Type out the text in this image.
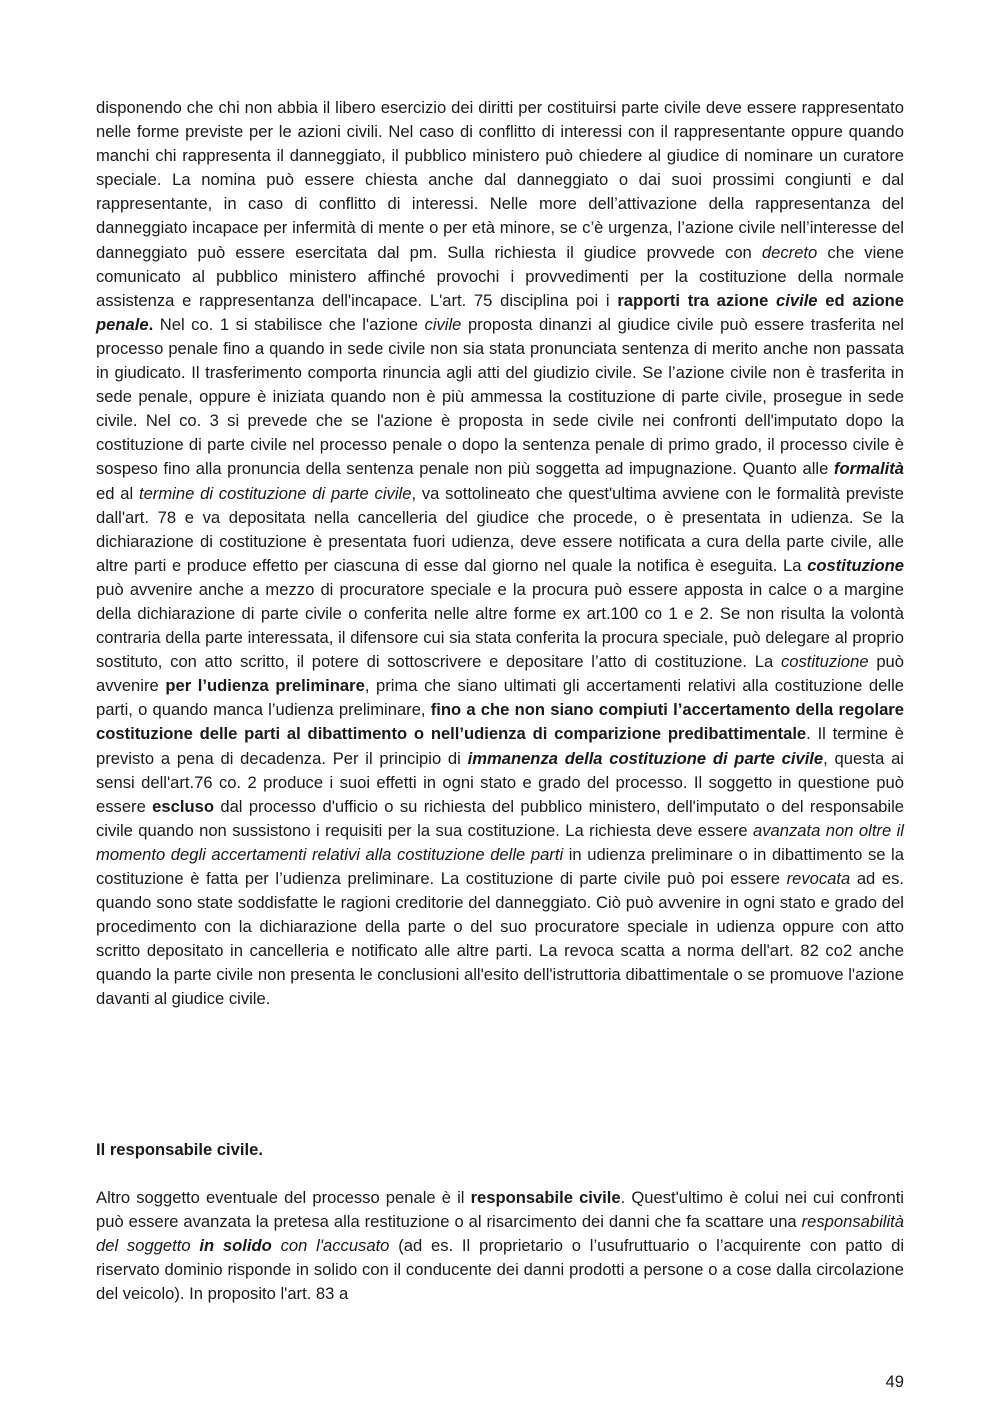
disponendo che chi non abbia il libero esercizio dei diritti per costituirsi parte civile deve essere rappresentato nelle forme previste per le azioni civili. Nel caso di conflitto di interessi con il rappresentante oppure quando manchi chi rappresenta il danneggiato, il pubblico ministero può chiedere al giudice di nominare un curatore speciale. La nomina può essere chiesta anche dal danneggiato o dai suoi prossimi congiunti e dal rappresentante, in caso di conflitto di interessi. Nelle more dell’attivazione della rappresentanza del danneggiato incapace per infermità di mente o per età minore, se c’è urgenza, l’azione civile nell’interesse del danneggiato può essere esercitata dal pm. Sulla richiesta il giudice provvede con decreto che viene comunicato al pubblico ministero affinché provochi i provvedimenti per la costituzione della normale assistenza e rappresentanza dell'incapace. L'art. 75 disciplina poi i rapporti tra azione civile ed azione penale. Nel co. 1 si stabilisce che l'azione civile proposta dinanzi al giudice civile può essere trasferita nel processo penale fino a quando in sede civile non sia stata pronunciata sentenza di merito anche non passata in giudicato. Il trasferimento comporta rinuncia agli atti del giudizio civile. Se l’azione civile non è trasferita in sede penale, oppure è iniziata quando non è più ammessa la costituzione di parte civile, prosegue in sede civile. Nel co. 3 si prevede che se l'azione è proposta in sede civile nei confronti dell'imputato dopo la costituzione di parte civile nel processo penale o dopo la sentenza penale di primo grado, il processo civile è sospeso fino alla pronuncia della sentenza penale non più soggetta ad impugnazione. Quanto alle formalità ed al termine di costituzione di parte civile, va sottolineato che quest'ultima avviene con le formalità previste dall'art. 78 e va depositata nella cancelleria del giudice che procede, o è presentata in udienza. Se la dichiarazione di costituzione è presentata fuori udienza, deve essere notificata a cura della parte civile, alle altre parti e produce effetto per ciascuna di esse dal giorno nel quale la notifica è eseguita. La costituzione può avvenire anche a mezzo di procuratore speciale e la procura può essere apposta in calce o a margine della dichiarazione di parte civile o conferita nelle altre forme ex art.100 co 1 e 2. Se non risulta la volontà contraria della parte interessata, il difensore cui sia stata conferita la procura speciale, può delegare al proprio sostituto, con atto scritto, il potere di sottoscrivere e depositare l’atto di costituzione. La costituzione può avvenire per l’udienza preliminare, prima che siano ultimati gli accertamenti relativi alla costituzione delle parti, o quando manca l’udienza preliminare, fino a che non siano compiuti l’accertamento della regolare costituzione delle parti al dibattimento o nell’udienza di comparizione predibattimentale. Il termine è previsto a pena di decadenza. Per il principio di immanenza della costituzione di parte civile, questa ai sensi dell'art.76 co. 2 produce i suoi effetti in ogni stato e grado del processo. Il soggetto in questione può essere escluso dal processo d'ufficio o su richiesta del pubblico ministero, dell'imputato o del responsabile civile quando non sussistono i requisiti per la sua costituzione. La richiesta deve essere avanzata non oltre il momento degli accertamenti relativi alla costituzione delle parti in udienza preliminare o in dibattimento se la costituzione è fatta per l’udienza preliminare. La costituzione di parte civile può poi essere revocata ad es. quando sono state soddisfatte le ragioni creditorie del danneggiato. Ciò può avvenire in ogni stato e grado del procedimento con la dichiarazione della parte o del suo procuratore speciale in udienza oppure con atto scritto depositato in cancelleria e notificato alle altre parti. La revoca scatta a norma dell'art. 82 co2 anche quando la parte civile non presenta le conclusioni all'esito dell'istruttoria dibattimentale o se promuove l'azione davanti al giudice civile.

Il responsabile civile.

Altro soggetto eventuale del processo penale è il responsabile civile. Quest'ultimo è colui nei cui confronti può essere avanzata la pretesa alla restituzione o al risarcimento dei danni che fa scattare una responsabilità del soggetto in solido con l'accusato (ad es. Il proprietario o l’usufruttuario o l’acquirente con patto di riservato dominio risponde in solido con il conducente dei danni prodotti a persone o a cose dalla circolazione del veicolo). In proposito l'art. 83 a

49
